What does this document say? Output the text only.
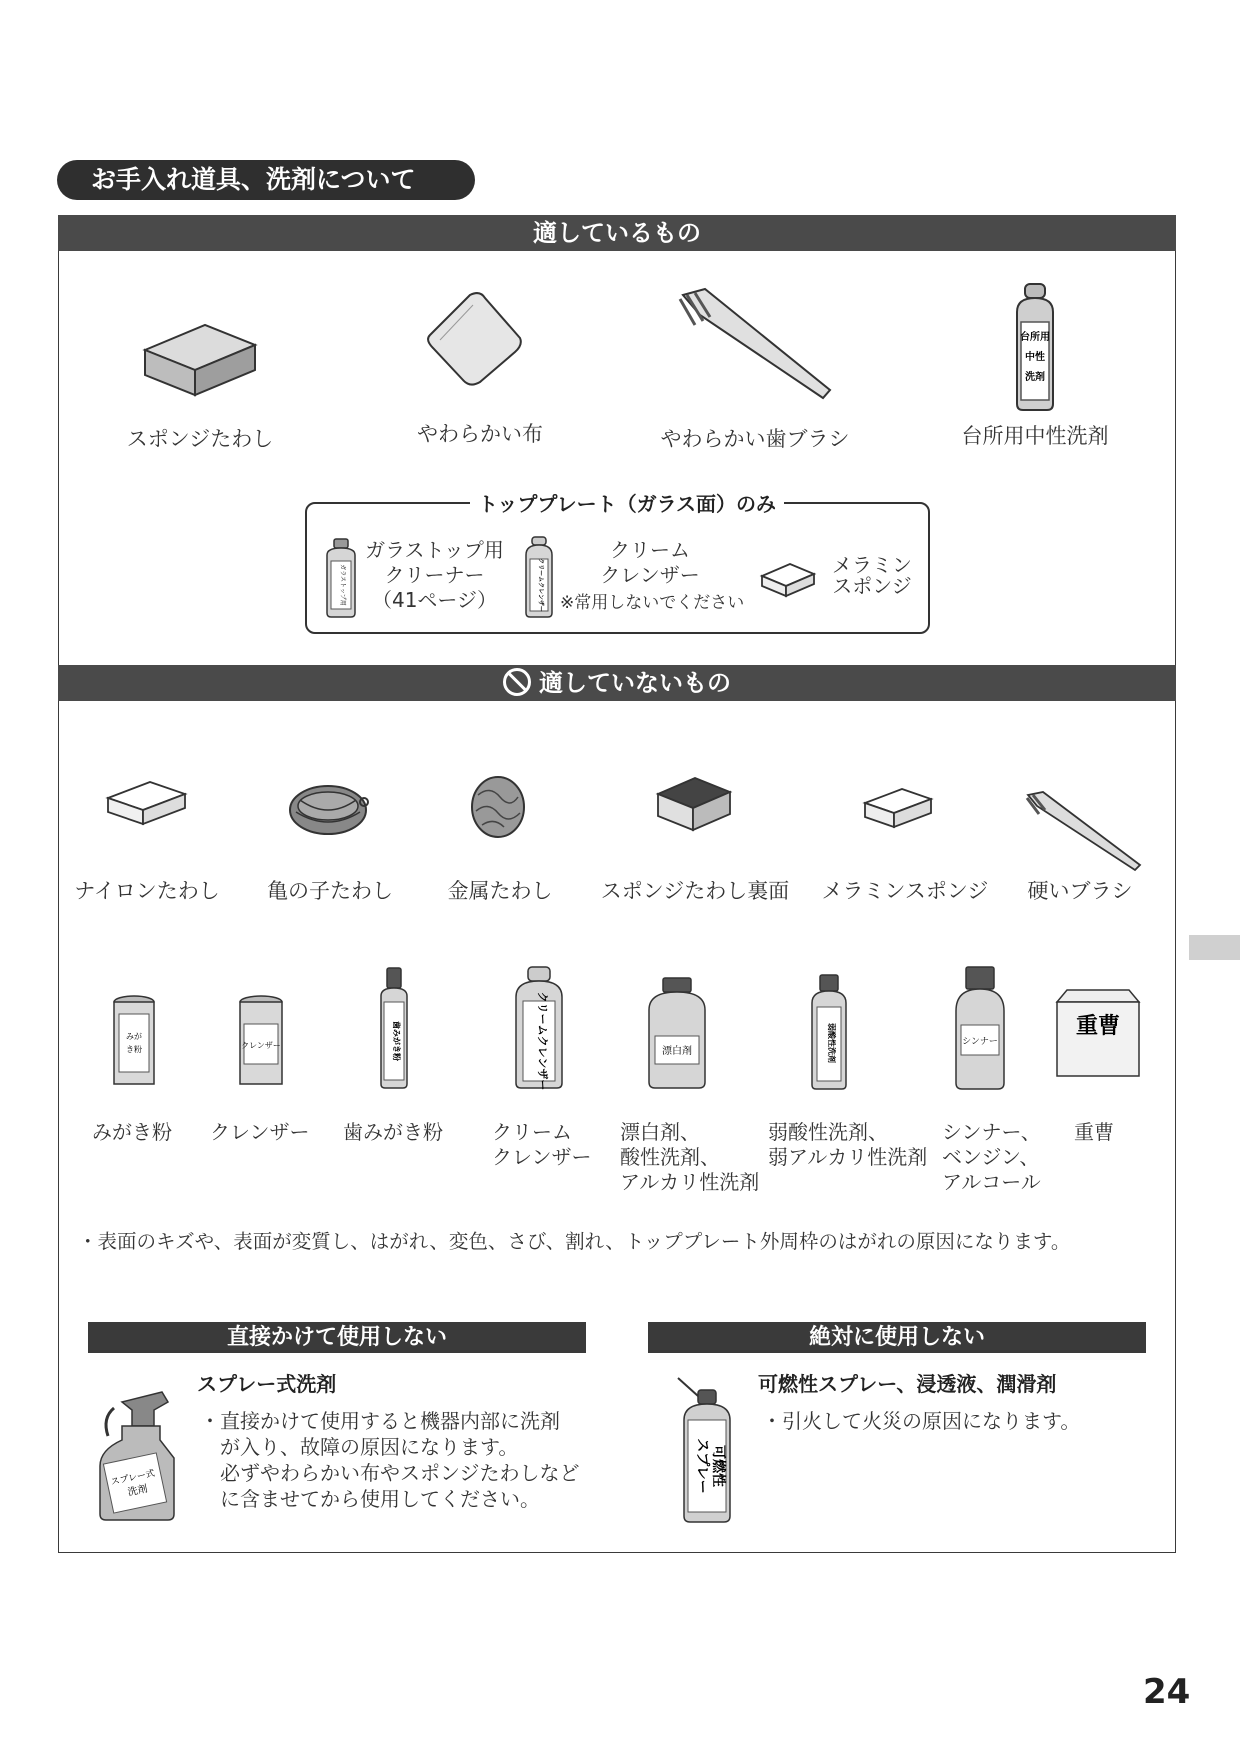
お手入れ道具、洗剤について
適しているもの
台所用
中性
洗剤
スポンジたわし	やわらかい布	やわらかい歯ブラシ	台所用中性洗剤
トッププレート（ガラス面）のみ
ガラストップ用
ガラストップ用
クリーナー
（41ページ）	クリームクレンザー
クリーム
クレンザー
※常用しないでください
メラミン
スポンジ
適していないもの
ナイロンたわし	亀の子たわし	金属たわし	スポンジたわし裏面	メラミンスポンジ	硬いブラシ
みが
き粉	クレンザー	歯みがき粉	クリームクレンザー	漂白剤	弱酸性洗剤	シンナー
重曹
みがき粉 クレンザー 歯みがき粉 クリーム
クレンザー
漂白剤、
酸性洗剤、
アルカリ性洗剤
弱酸性洗剤、
弱アルカリ性洗剤
シンナー、
ベンジン、
アルコール
重曹
・表面のキズや、表面が変質し、はがれ、変色、さび、割れ、トッププレート外周枠のはがれの原因になります。
直接かけて使用しない
スプレー式洗剤
スプレー式
洗剤
・直接かけて使用すると機器内部に洗剤
が入り、故障の原因になります。
必ずやわらかい布やスポンジたわしなど
に含ませてから使用してください。
絶対に使用しない
可燃性スプレー、浸透液、潤滑剤
可燃性
スプレー
・引火して火災の原因になります。
24
